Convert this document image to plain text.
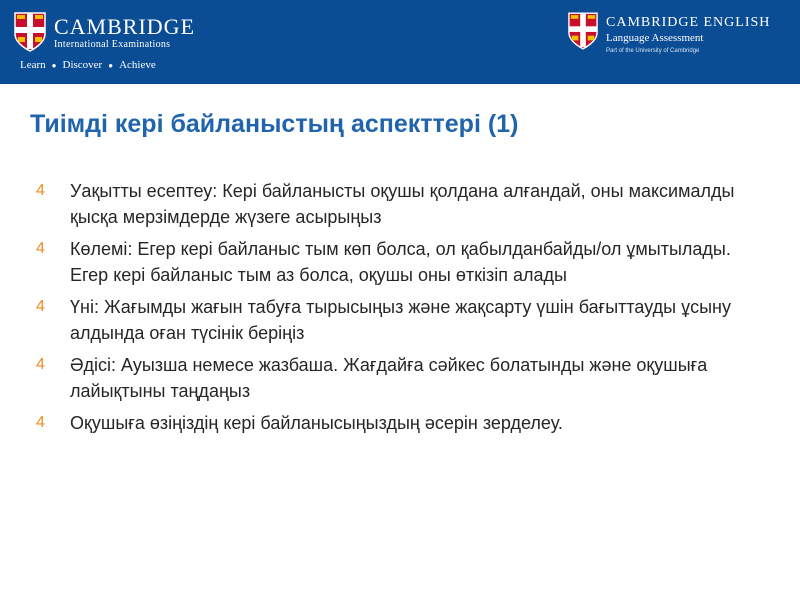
CAMBRIDGE
International Examinations
Learn ● Discover ● Achieve
CAMBRIDGE ENGLISH
Language Assessment
Part of the University of Cambridge
Тиімді кері байланыстың аспекттері (1)
4	Уақытты есептеу: Кері байланысты оқушы қолдана алғандай, оны максималды қысқа мерзімдерде жүзеге асырыңыз
4	Көлемі: Егер кері байланыс тым көп болса, ол қабылданбайды/ол ұмытылады. Егер кері байланыс тым аз болса, оқушы оны өткізіп алады
4	Үні: Жағымды жағын табуға тырысыңыз және жақсарту үшін бағыттауды ұсыну алдында оған түсінік беріңіз
4	Әдісі: Ауызша немесе жазбаша. Жағдайға сәйкес болатынды және оқушыға лайықтыны таңдаңыз
4	Оқушыға өзіңіздің кері байланысыңыздың әсерін зерделеу.
